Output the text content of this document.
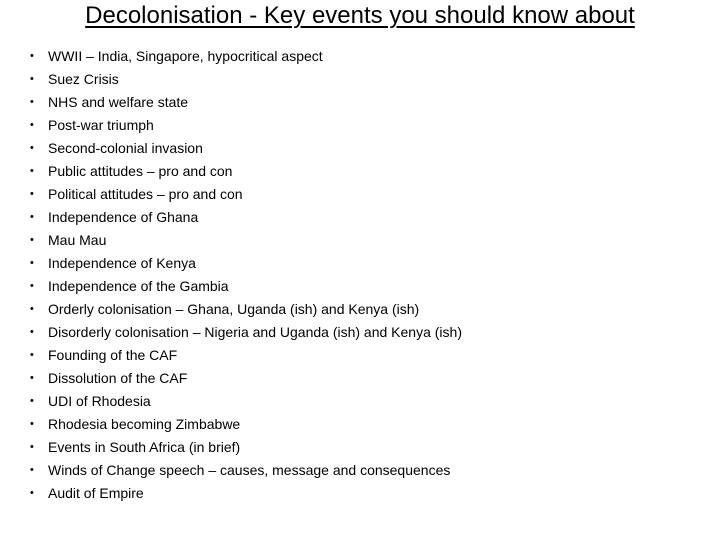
Decolonisation - Key events you should know about
•	WWII – India, Singapore, hypocritical aspect
•	Suez Crisis
•	NHS and welfare state
•	Post-war triumph
•	Second-colonial invasion
•	Public attitudes – pro and con
•	Political attitudes – pro and con
•	Independence of Ghana
•	Mau Mau
•	Independence of Kenya
•	Independence of the Gambia
•	Orderly colonisation – Ghana, Uganda (ish) and Kenya (ish)
•	Disorderly colonisation – Nigeria and Uganda (ish) and Kenya (ish)
•	Founding of the CAF
•	Dissolution of the CAF
•	UDI of Rhodesia
•	Rhodesia becoming Zimbabwe
•	Events in South Africa (in brief)
•	Winds of Change speech – causes, message and consequences
•	Audit of Empire
